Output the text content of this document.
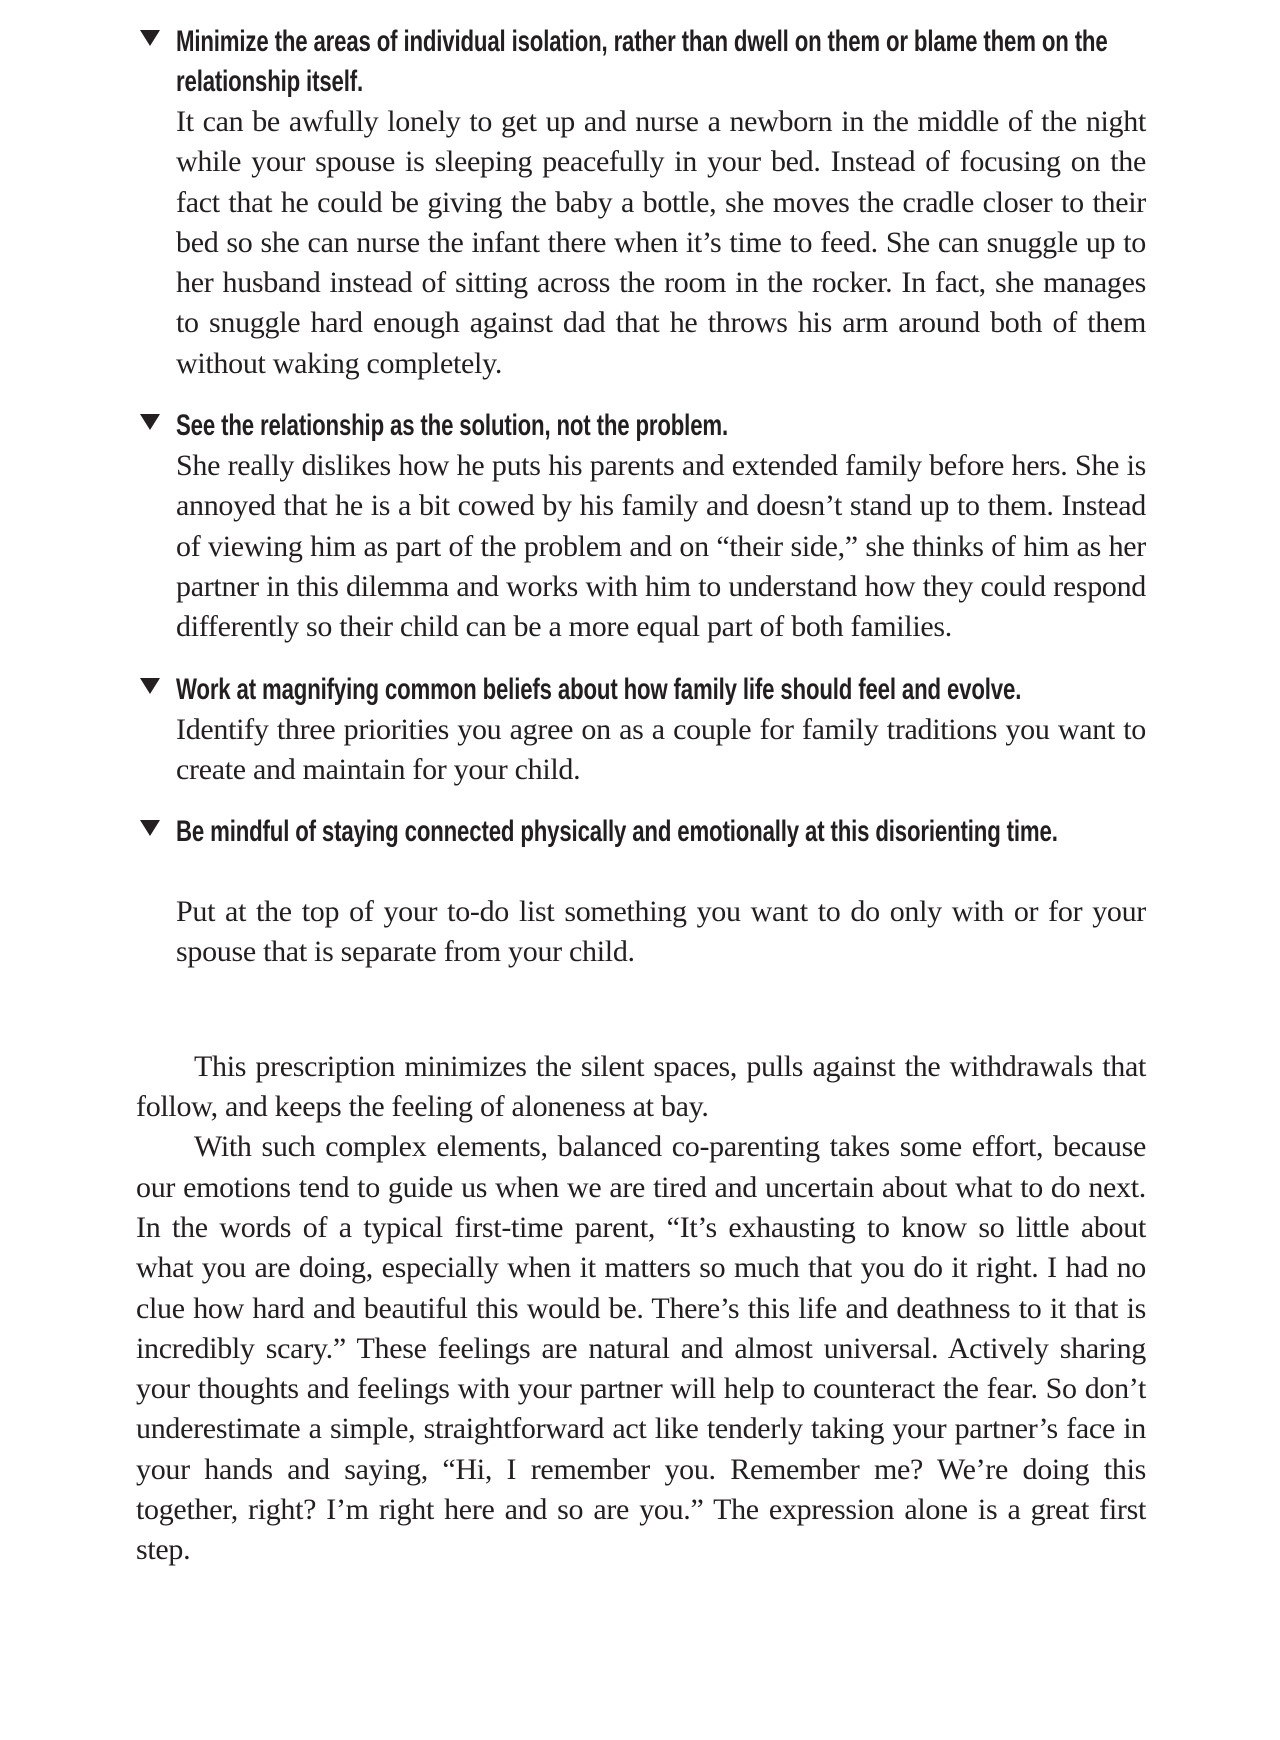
Minimize the areas of individual isolation, rather than dwell on them or blame them on the relationship itself.

It can be awfully lonely to get up and nurse a newborn in the middle of the night while your spouse is sleeping peacefully in your bed. Instead of focusing on the fact that he could be giving the baby a bottle, she moves the cradle closer to their bed so she can nurse the infant there when it’s time to feed. She can snuggle up to her husband instead of sitting across the room in the rocker. In fact, she manages to snuggle hard enough against dad that he throws his arm around both of them without waking completely.

See the relationship as the solution, not the problem.

She really dislikes how he puts his parents and extended family before hers. She is annoyed that he is a bit cowed by his family and doesn’t stand up to them. Instead of viewing him as part of the problem and on “their side,” she thinks of him as her partner in this dilemma and works with him to understand how they could respond differently so their child can be a more equal part of both families.

Work at magnifying common beliefs about how family life should feel and evolve.

Identify three priorities you agree on as a couple for family traditions you want to create and maintain for your child.

Be mindful of staying connected physically and emotionally at this disorienting time.

Put at the top of your to-do list something you want to do only with or for your spouse that is separate from your child.

This prescription minimizes the silent spaces, pulls against the withdrawals that follow, and keeps the feeling of aloneness at bay.

With such complex elements, balanced co-parenting takes some effort, because our emotions tend to guide us when we are tired and uncertain about what to do next. In the words of a typical first-time parent, “It’s exhausting to know so little about what you are doing, especially when it matters so much that you do it right. I had no clue how hard and beautiful this would be. There’s this life and deathness to it that is incredibly scary.” These feelings are natural and almost universal. Actively sharing your thoughts and feelings with your partner will help to counteract the fear. So don’t underestimate a simple, straightforward act like tenderly taking your partner’s face in your hands and saying, “Hi, I remember you. Remember me? We’re doing this together, right? I’m right here and so are you.” The expression alone is a great first step.
